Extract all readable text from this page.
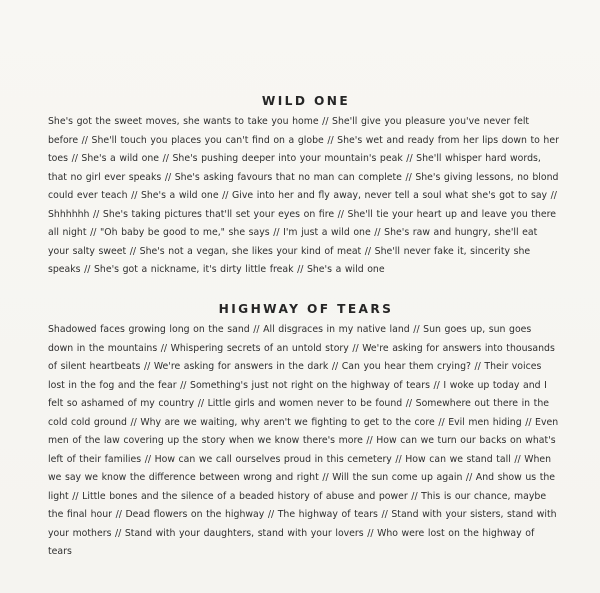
WILD ONE

She's got the sweet moves, she wants to take you home // She'll give you pleasure you've never felt before // She'll touch you places you can't find on a globe // She's wet and ready from her lips down to her toes // She's a wild one // She's pushing deeper into your mountain's peak // She'll whisper hard words, that no girl ever speaks // She's asking favours that no man can complete // She's giving lessons, no blond could ever teach // She's a wild one // Give into her and fly away, never tell a soul what she's got to say // Shhhhhh // She's taking pictures that'll set your eyes on fire // She'll tie your heart up and leave you there all night // "Oh baby be good to me," she says // I'm just a wild one // She's raw and hungry, she'll eat your salty sweet // She's not a vegan, she likes your kind of meat // She'll never fake it, sincerity she speaks // She's got a nickname, it's dirty little freak // She's a wild one

HIGHWAY OF TEARS

Shadowed faces growing long on the sand // All disgraces in my native land // Sun goes up, sun goes down in the mountains // Whispering secrets of an untold story // We're asking for answers into thousands of silent heartbeats // We're asking for answers in the dark // Can you hear them crying? // Their voices lost in the fog and the fear // Something's just not right on the highway of tears // I woke up today and I felt so ashamed of my country // Little girls and women never to be found // Somewhere out there in the cold cold ground // Why are we waiting, why aren't we fighting to get to the core // Evil men hiding // Even men of the law covering up the story when we know there's more // How can we turn our backs on what's left of their families // How can we call ourselves proud in this cemetery // How can we stand tall // When we say we know the difference between wrong and right // Will the sun come up again // And show us the light // Little bones and the silence of a beaded history of abuse and power // This is our chance, maybe the final hour // Dead flowers on the highway // The highway of tears // Stand with your sisters, stand with your mothers // Stand with your daughters, stand with your lovers // Who were lost on the highway of tears
